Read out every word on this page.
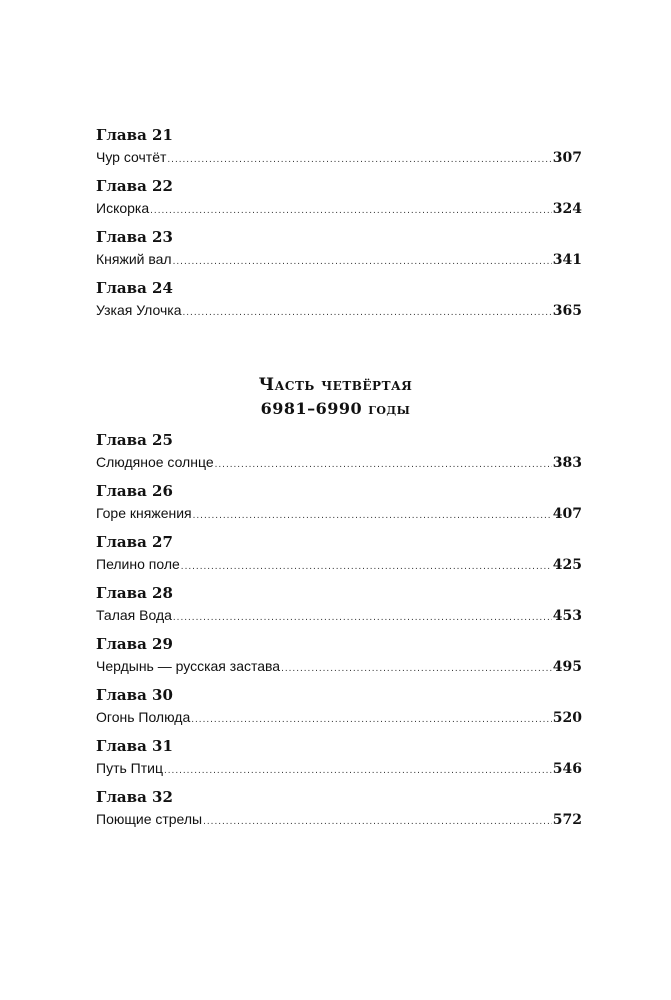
Глава 21
Чур сочтёт .....	307
Глава 22
Искорка .....	324
Глава 23
Княжий вал .....	341
Глава 24
Узкая Улочка .....	365
Часть четвёртая
6981–6990 годы
Глава 25
Слюдяное солнце .....	383
Глава 26
Горе княжения .....	407
Глава 27
Пелино поле .....	425
Глава 28
Талая Вода .....	453
Глава 29
Чердынь — русская застава .....	495
Глава 30
Огонь Полюда .....	520
Глава 31
Путь Птиц .....	546
Глава 32
Поющие стрелы .....	572
